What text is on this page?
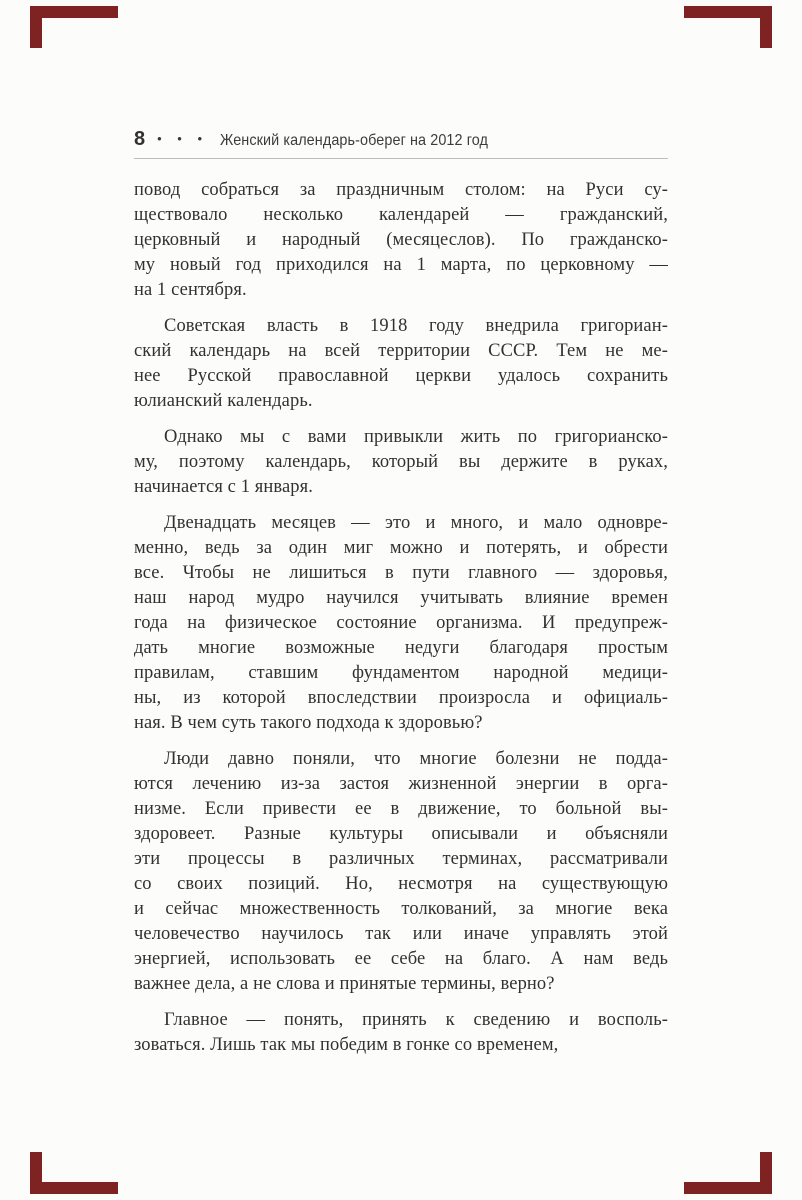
8 • • • Женский календарь-оберег на 2012 год

повод собраться за праздничным столом: на Руси су-
ществовало несколько календарей — гражданский,
церковный и народный (месяцеслов). По гражданско-
му новый год приходился на 1 марта, по церковному —
на 1 сентября.

Советская власть в 1918 году внедрила григориан-
ский календарь на всей территории СССР. Тем не ме-
нее Русской православной церкви удалось сохранить
юлианский календарь.

Однако мы с вами привыкли жить по григорианско-
му, поэтому календарь, который вы держите в руках,
начинается с 1 января.

Двенадцать месяцев — это и много, и мало одновре-
менно, ведь за один миг можно и потерять, и обрести
все. Чтобы не лишиться в пути главного — здоровья,
наш народ мудро научился учитывать влияние времен
года на физическое состояние организма. И предупреж-
дать многие возможные недуги благодаря простым
правилам, ставшим фундаментом народной медици-
ны, из которой впоследствии произросла и официаль-
ная. В чем суть такого подхода к здоровью?

Люди давно поняли, что многие болезни не подда-
ются лечению из-за застоя жизненной энергии в орга-
низме. Если привести ее в движение, то больной вы-
здоровеет. Разные культуры описывали и объясняли
эти процессы в различных терминах, рассматривали
со своих позиций. Но, несмотря на существующую
и сейчас множественность толкований, за многие века
человечество научилось так или иначе управлять этой
энергией, использовать ее себе на благо. А нам ведь
важнее дела, а не слова и принятые термины, верно?

Главное — понять, принять к сведению и восполь-
зоваться. Лишь так мы победим в гонке со временем,
